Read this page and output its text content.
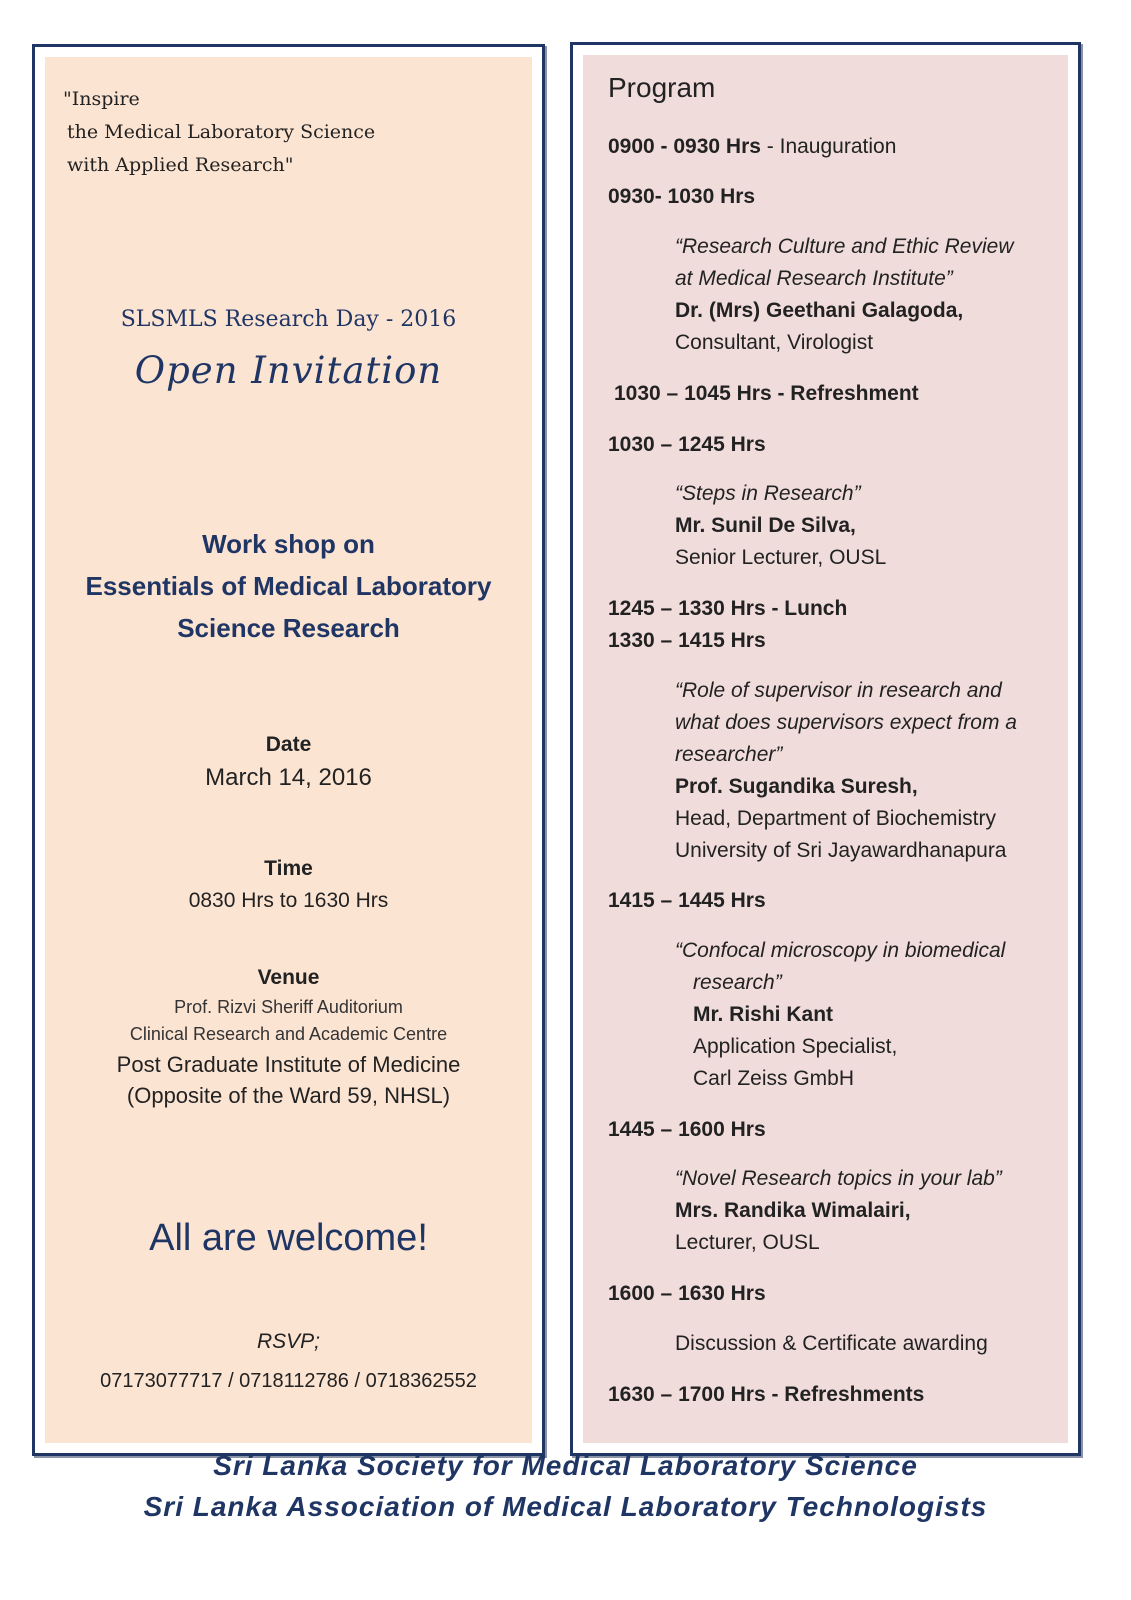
"Inspire
the Medical Laboratory Science
with Applied Research"
SLSMLS Research Day - 2016
Open Invitation
Work shop on
Essentials of Medical Laboratory
Science Research
Date
March 14, 2016
Time
0830 Hrs to 1630 Hrs
Venue
Prof. Rizvi Sheriff Auditorium
Clinical Research and Academic Centre
Post Graduate Institute of Medicine
(Opposite of the Ward 59, NHSL)
All are welcome!
RSVP;
07173077717 / 0718112786 / 0718362552
Program
0900 - 0930 Hrs - Inauguration
0930- 1030 Hrs
“Research Culture and Ethic Review
at Medical Research Institute”
Dr. (Mrs) Geethani Galagoda,
Consultant, Virologist
1030 – 1045 Hrs - Refreshment
1030 – 1245 Hrs
“Steps in Research”
Mr. Sunil De Silva,
Senior Lecturer, OUSL
1245 – 1330 Hrs - Lunch
1330 – 1415 Hrs
“Role of supervisor in research and
what does supervisors expect from a
researcher”
Prof. Sugandika Suresh,
Head, Department of Biochemistry
University of Sri Jayawardhanapura
1415 – 1445 Hrs
“Confocal microscopy in biomedical
research”
Mr. Rishi Kant
Application Specialist,
Carl Zeiss GmbH
1445 – 1600 Hrs
“Novel Research topics in your lab”
Mrs. Randika Wimalairi,
Lecturer, OUSL
1600 – 1630 Hrs
Discussion & Certificate awarding
1630 – 1700 Hrs - Refreshments
Sri Lanka Society for Medical Laboratory Science
Sri Lanka Association of Medical Laboratory Technologists
